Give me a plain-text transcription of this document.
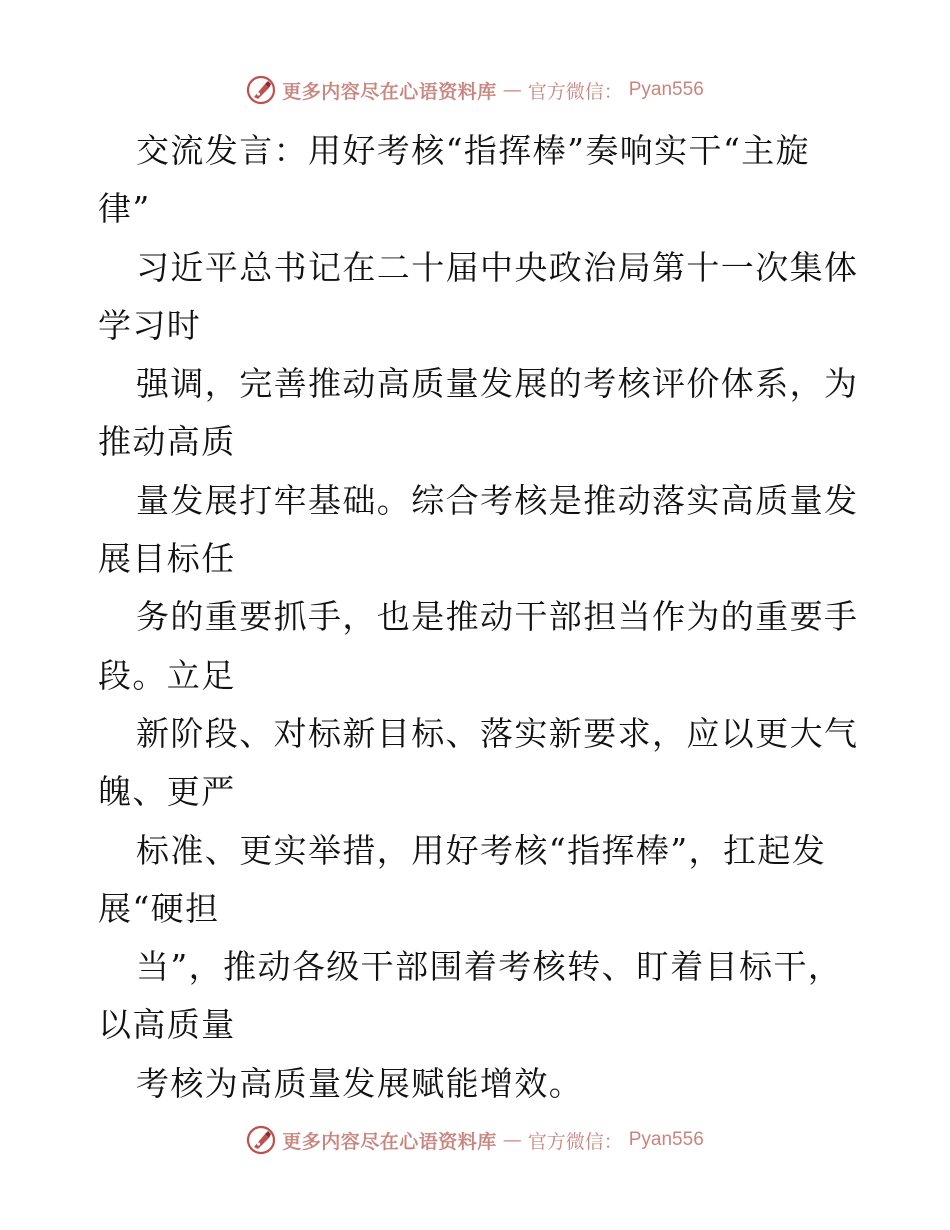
更多内容尽在心语资料库 — 官方微信： Pyan556
交流发言：用好考核“指挥棒”奏响实干“主旋
律”
习近平总书记在二十届中央政治局第十一次集体
学习时
强调，完善推动高质量发展的考核评价体系，为
推动高质
量发展打牢基础。综合考核是推动落实高质量发
展目标任
务的重要抓手，也是推动干部担当作为的重要手
段。立足
新阶段、对标新目标、落实新要求，应以更大气
魄、更严
标准、更实举措，用好考核“指挥棒”，扛起发
展“硬担
当”，推动各级干部围着考核转、盯着目标干，
以高质量
考核为高质量发展赋能增效。
更多内容尽在心语资料库 — 官方微信： Pyan556
